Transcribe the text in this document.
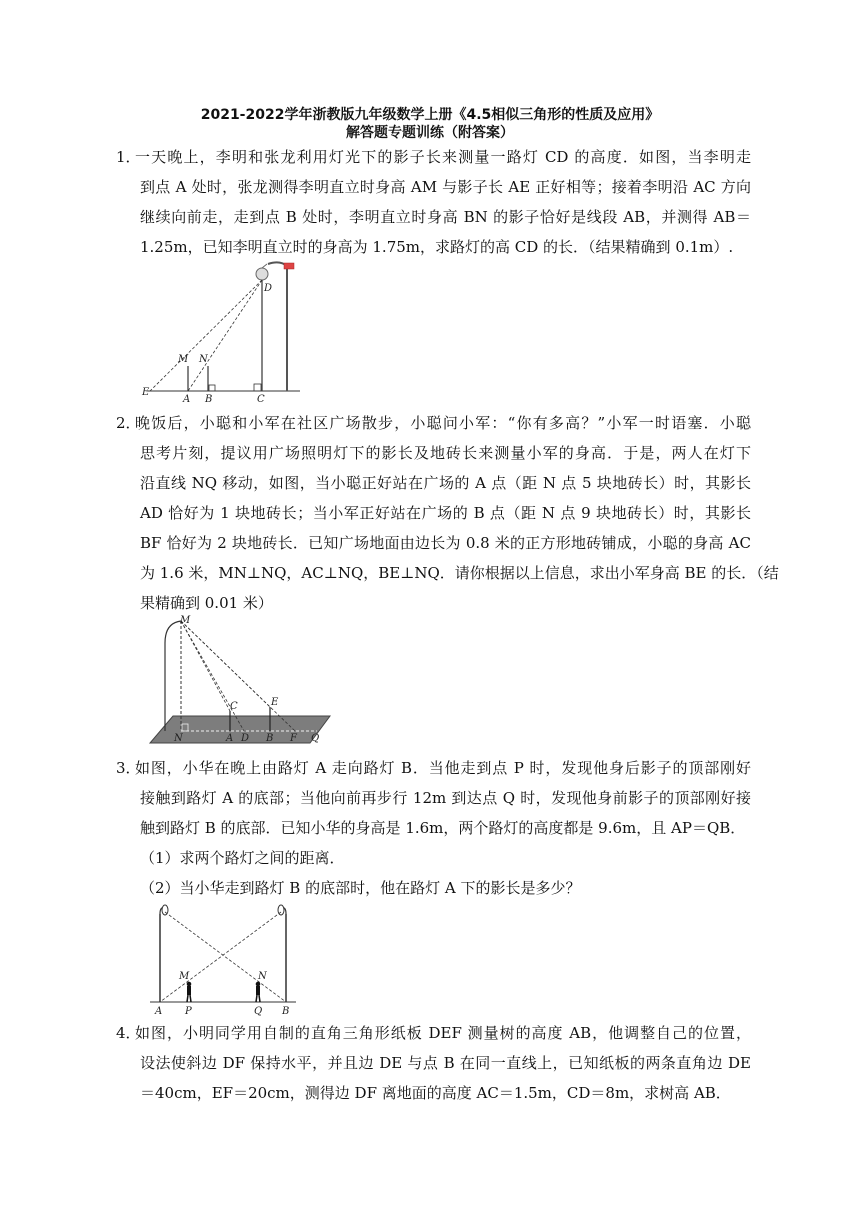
2021-2022学年浙教版九年级数学上册《4.5相似三角形的性质及应用》
解答题专题训练（附答案）
1．
一天晚上，李明和张龙利用灯光下的影子长来测量一路灯 CD 的高度．如图，当李明走
到点 A 处时，张龙测得李明直立时身高 AM 与影子长 AE 正好相等；接着李明沿 AC 方向
继续向前走，走到点 B 处时，李明直立时身高 BN 的影子恰好是线段 AB，并测得 AB＝
1.25m，已知李明直立时的身高为 1.75m，求路灯的高 CD 的长．（结果精确到 0.1m）.
D
M N
E
A B	C
2．
晚饭后，小聪和小军在社区广场散步，小聪问小军：“你有多高？”小军一时语塞．小聪
思考片刻，提议用广场照明灯下的影长及地砖长来测量小军的身高．于是，两人在灯下
沿直线 NQ 移动，如图，当小聪正好站在广场的 A 点（距 N 点 5 块地砖长）时，其影长
AD 恰好为 1 块地砖长；当小军正好站在广场的 B 点（距 N 点 9 块地砖长）时，其影长
BF 恰好为 2 块地砖长．已知广场地面由边长为 0.8 米的正方形地砖铺成，小聪的身高 AC
为 1.6 米，MN⊥NQ，AC⊥NQ，BE⊥NQ．请你根据以上信息，求出小军身高 BE 的长．（结
果精确到 0.01 米）
M
C	E
N	A D B F Q
3．
如图，小华在晚上由路灯 A 走向路灯 B．当他走到点 P 时，发现他身后影子的顶部刚好
接触到路灯 A 的底部；当他向前再步行 12m 到达点 Q 时，发现他身前影子的顶部刚好接
触到路灯 B 的底部．已知小华的身高是 1.6m，两个路灯的高度都是 9.6m，且 AP＝QB．
（1）求两个路灯之间的距离．
（2）当小华走到路灯 B 的底部时，他在路灯 A 下的影长是多少？
M	N
A P	Q B
4．
如图，小明同学用自制的直角三角形纸板 DEF 测量树的高度 AB，他调整自己的位置，
设法使斜边 DF 保持水平，并且边 DE 与点 B 在同一直线上，已知纸板的两条直角边 DE
＝40cm，EF＝20cm，测得边 DF 离地面的高度 AC＝1.5m，CD＝8m，求树高 AB．
